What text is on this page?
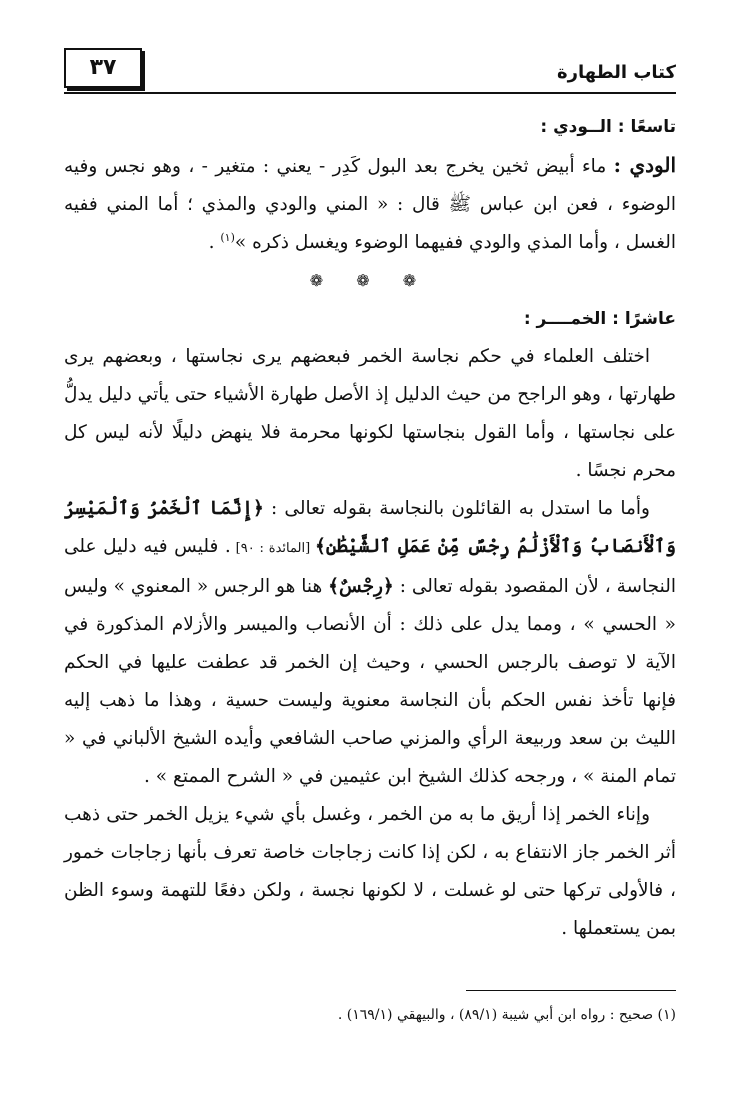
كتاب الطهارة
٣٧

تاسعًا : الــودي :

الودي : ماء أبيض ثخين يخرج بعد البول كَدِر - يعني : متغير - ، وهو نجس وفيه الوضوء ، فعن ابن عباس ﷺ قال : « المني والودي والمذي ؛ أما المني ففيه الغسل ، وأما المذي والودي ففيهما الوضوء ويغسل ذكره »$^{(١)}$ .

❁ ❁ ❁

عاشرًا : الخمــــر :

اختلف العلماء في حكم نجاسة الخمر فبعضهم يرى نجاستها ، وبعضهم يرى طهارتها ، وهو الراجح من حيث الدليل إذ الأصل طهارة الأشياء حتى يأتي دليل يدلُّ على نجاستها ، وأما القول بنجاستها لكونها محرمة فلا ينهض دليلًا لأنه ليس كل محرم نجسًا .

وأما ما استدل به القائلون بالنجاسة بقوله تعالى : ﴿إِنَّمَا ٱلْخَمْرُ وَٱلْمَيْسِرُ وَٱلْأَنصَابُ وَٱلْأَزْلَٰمُ رِجْسٌ مِّنْ عَمَلِ ٱلشَّيْطَٰنِ﴾ [المائدة : ٩٠] . فليس فيه دليل على النجاسة ، لأن المقصود بقوله تعالى : ﴿رِجْسٌ﴾ هنا هو الرجس « المعنوي » وليس « الحسي » ، ومما يدل على ذلك : أن الأنصاب والميسر والأزلام المذكورة في الآية لا توصف بالرجس الحسي ، وحيث إن الخمر قد عطفت عليها في الحكم فإنها تأخذ نفس الحكم بأن النجاسة معنوية وليست حسية ، وهذا ما ذهب إليه الليث بن سعد وربيعة الرأي والمزني صاحب الشافعي وأيده الشيخ الألباني في « تمام المنة » ، ورجحه كذلك الشيخ ابن عثيمين في « الشرح الممتع » .

وإناء الخمر إذا أريق ما به من الخمر ، وغسل بأي شيء يزيل الخمر حتى ذهب أثر الخمر جاز الانتفاع به ، لكن إذا كانت زجاجات خاصة تعرف بأنها زجاجات خمور ، فالأولى تركها حتى لو غسلت ، لا لكونها نجسة ، ولكن دفعًا للتهمة وسوء الظن بمن يستعملها .

(١) صحيح : رواه ابن أبي شيبة (٨٩/١) ، والبيهقي (١٦٩/١) .
